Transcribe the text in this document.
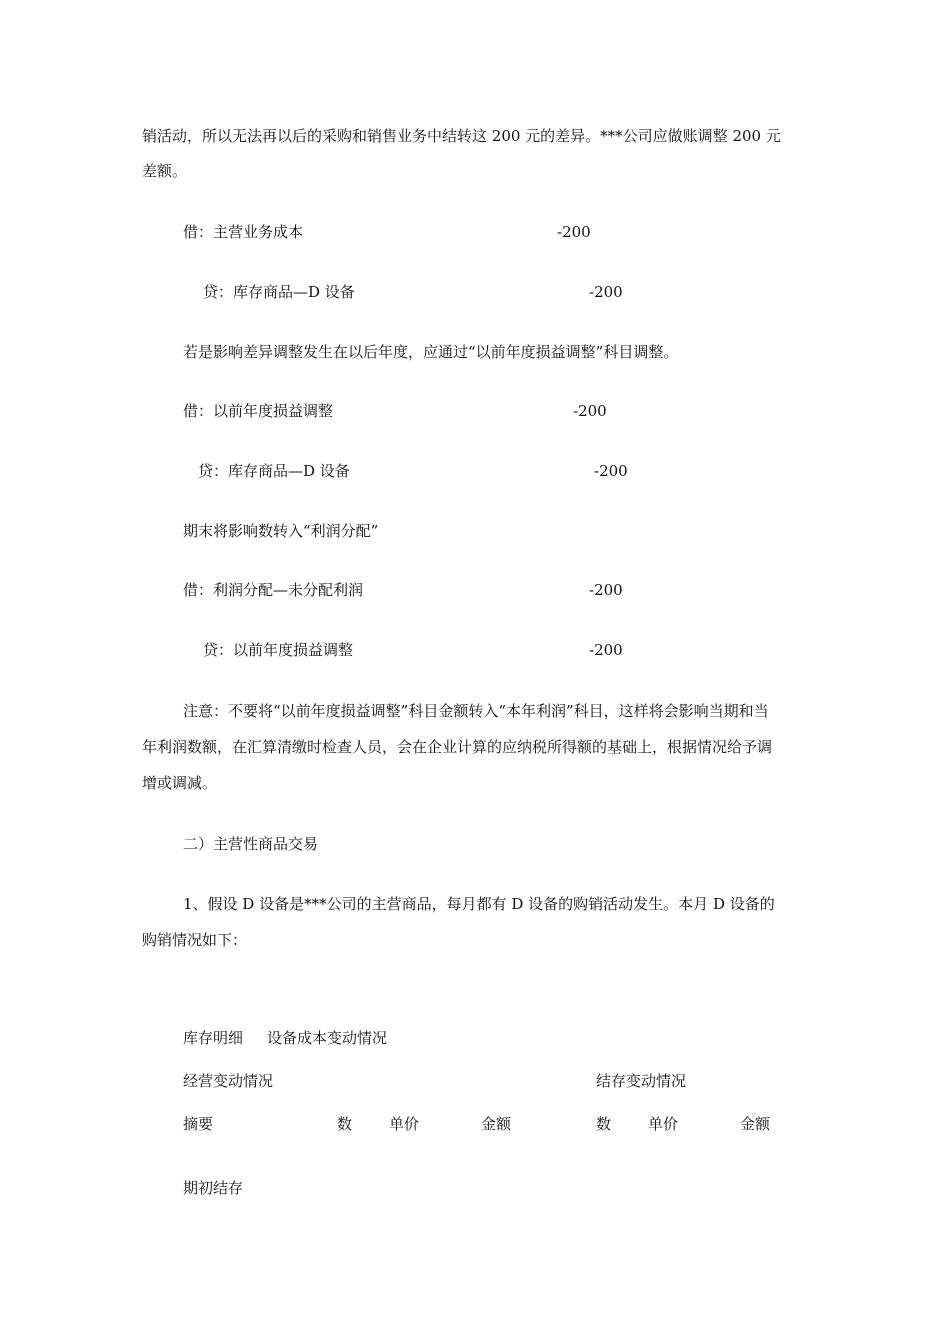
销活动，所以无法再以后的采购和销售业务中结转这 200 元的差异。***公司应做账调整 200 元
差额。
借：主营业务成本	-200
贷：库存商品—D 设备	-200
若是影响差异调整发生在以后年度，应通过“以前年度损益调整”科目调整。
借：以前年度损益调整	-200
贷：库存商品—D 设备	-200
期末将影响数转入“利润分配”
借：利润分配—未分配利润	-200
贷：以前年度损益调整	-200
注意：不要将“以前年度损益调整”科目金额转入“本年利润”科目，这样将会影响当期和当
年利润数额，在汇算清缴时检查人员，会在企业计算的应纳税所得额的基础上，根据情况给予调
增或调减。
二）主营性商品交易
1、假设 D 设备是***公司的主营商品，每月都有 D 设备的购销活动发生。本月 D 设备的
购销情况如下：
库存明细 设备成本变动情况
经营变动情况	结存变动情况
摘要	数 单价	金额	数 单价	金额
期初结存
